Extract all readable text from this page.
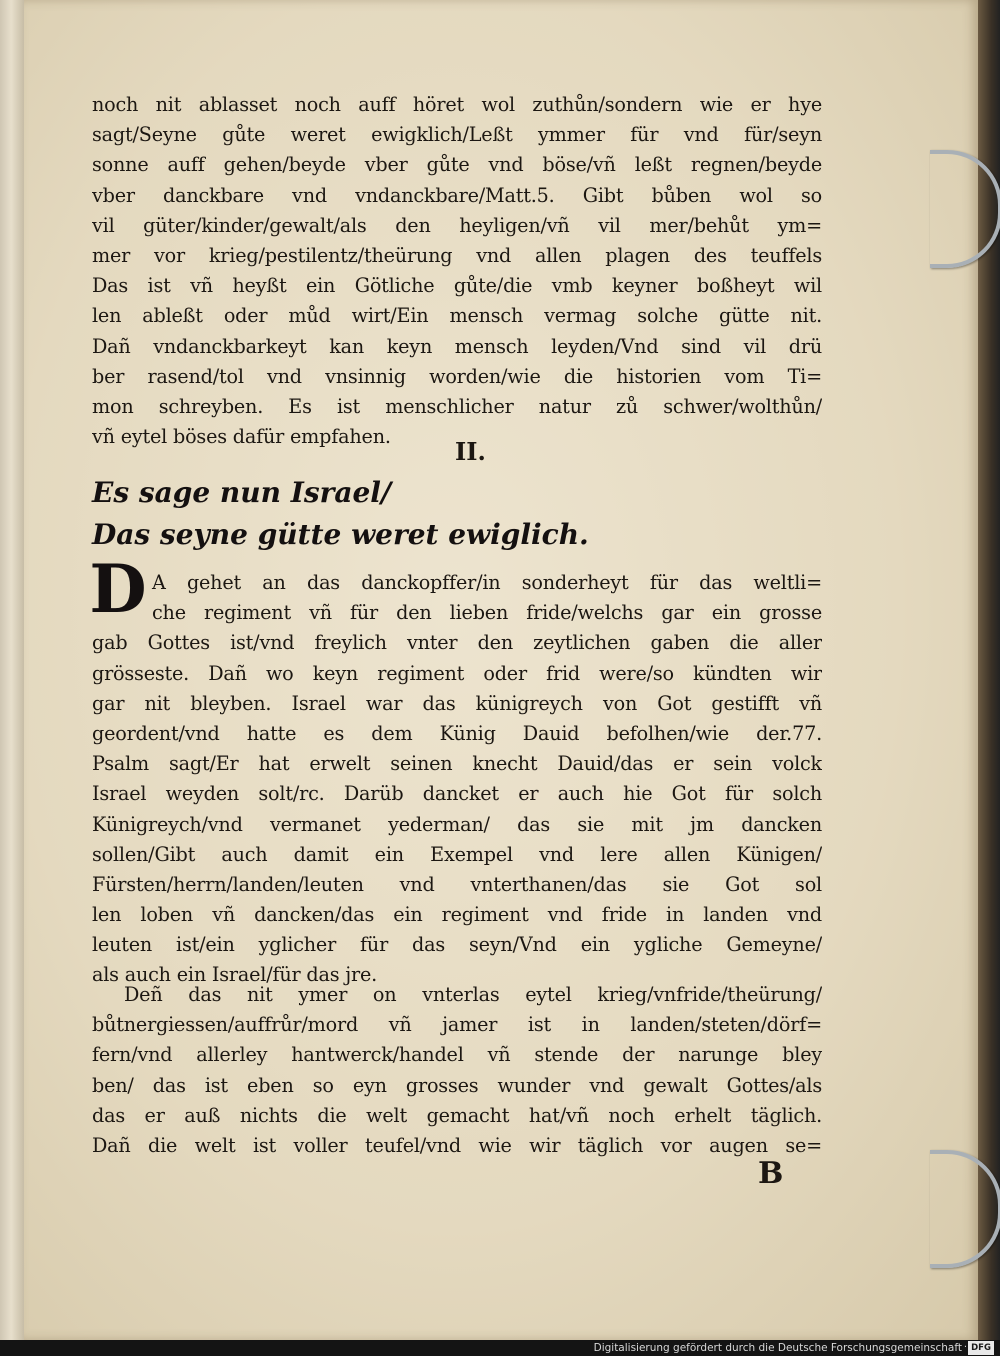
noch nit ablasset noch auff höret wol zuthůn/sondern wie er hye
sagt/Seyne gůte weret ewigklich/Leßt ymmer für vnd für/seyn
sonne auff gehen/beyde vber gůte vnd böse/vñ leßt regnen/beyde
vber danckbare vnd vndanckbare/Matt.5. Gibt bůben wol so
vil güter/kinder/gewalt/als den heyligen/vñ vil mer/behůt ym=
mer vor krieg/pestilentz/theürung vnd allen plagen des teuffels
Das ist vñ heyßt ein Götliche gůte/die vmb keyner boßheyt wil
len ableßt oder můd wirt/Ein mensch vermag solche gütte nit.
Dañ vndanckbarkeyt kan keyn mensch leyden/Vnd sind vil drü
ber rasend/tol vnd vnsinnig worden/wie die historien vom Ti=
mon schreyben. Es ist menschlicher natur zů schwer/wolthůn/
vñ eytel böses dafür empfahen.
II.
Es sage nun Israel/
Das seyne gütte weret ewiglich.
D A gehet an das danckopffer/in sonderheyt für das weltli=
che regiment vñ für den lieben fride/welchs gar ein grosse
gab Gottes ist/vnd freylich vnter den zeytlichen gaben die aller
grösseste. Dañ wo keyn regiment oder frid were/so kündten wir
gar nit bleyben. Israel war das künigreych von Got gestifft vñ
geordent/vnd hatte es dem Künig Dauid befolhen/wie der.77.
Psalm sagt/Er hat erwelt seinen knecht Dauid/das er sein volck
Israel weyden solt/rc. Darüb dancket er auch hie Got für solch
Künigreych/vnd vermanet yederman/ das sie mit jm dancken
sollen/Gibt auch damit ein Exempel vnd lere allen Künigen/
Fürsten/herrn/landen/leuten vnd vnterthanen/das sie Got sol
len loben vñ dancken/das ein regiment vnd fride in landen vnd
leuten ist/ein yglicher für das seyn/Vnd ein ygliche Gemeyne/
als auch ein Israel/für das jre.
Deñ das nit ymer on vnterlas eytel krieg/vnfride/theürung/
bůtnergiessen/auffrůr/mord vñ jamer ist in landen/steten/dörf=
fern/vnd allerley hantwerck/handel vñ stende der narunge bley
ben/ das ist eben so eyn grosses wunder vnd gewalt Gottes/als
das er auß nichts die welt gemacht hat/vñ noch erhelt täglich.
Dañ die welt ist voller teufel/vnd wie wir täglich vor augen se=
B
Digitalisierung gefördert durch die Deutsche Forschungsgemeinschaft · DFG
